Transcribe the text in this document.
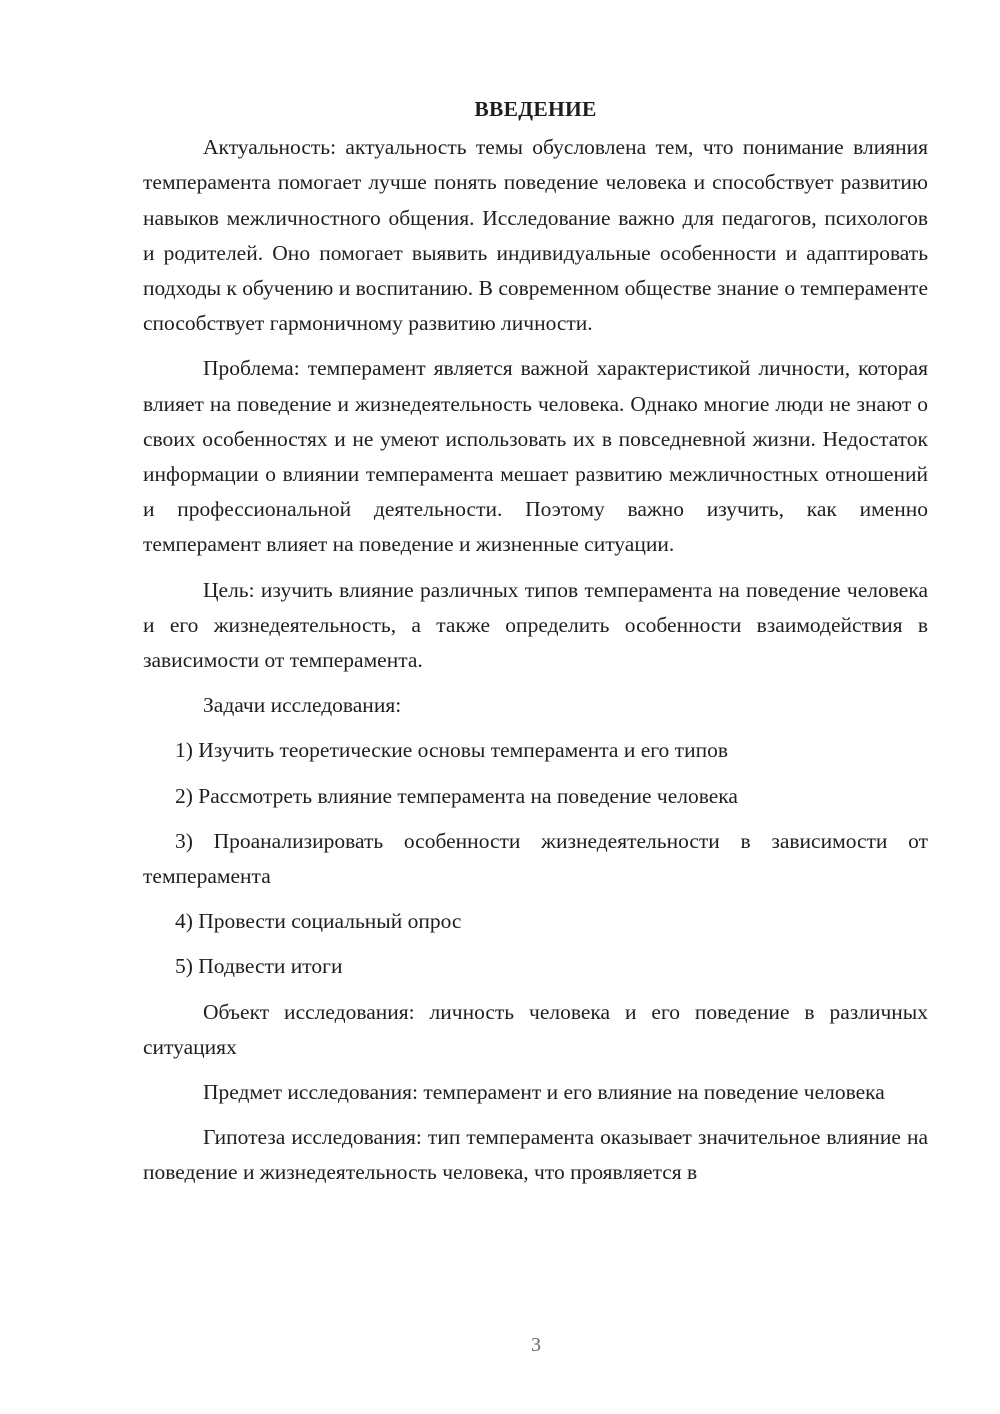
ВВЕДЕНИЕ

Актуальность: актуальность темы обусловлена тем, что понимание влияния темперамента помогает лучше понять поведение человека и способствует развитию навыков межличностного общения. Исследование важно для педагогов, психологов и родителей. Оно помогает выявить индивидуальные особенности и адаптировать подходы к обучению и воспитанию. В современном обществе знание о темпераменте способствует гармоничному развитию личности.

Проблема: темперамент является важной характеристикой личности, которая влияет на поведение и жизнедеятельность человека. Однако многие люди не знают о своих особенностях и не умеют использовать их в повседневной жизни. Недостаток информации о влиянии темперамента мешает развитию межличностных отношений и профессиональной деятельности. Поэтому важно изучить, как именно темперамент влияет на поведение и жизненные ситуации.

Цель: изучить влияние различных типов темперамента на поведение человека и его жизнедеятельность, а также определить особенности взаимодействия в зависимости от темперамента.

Задачи исследования:

1) Изучить теоретические основы темперамента и его типов

2) Рассмотреть влияние темперамента на поведение человека

3) Проанализировать особенности жизнедеятельности в зависимости от темперамента

4) Провести социальный опрос

5) Подвести итоги

Объект исследования: личность человека и его поведение в различных ситуациях

Предмет исследования: темперамент и его влияние на поведение человека

Гипотеза исследования: тип темперамента оказывает значительное влияние на поведение и жизнедеятельность человека, что проявляется в

3
